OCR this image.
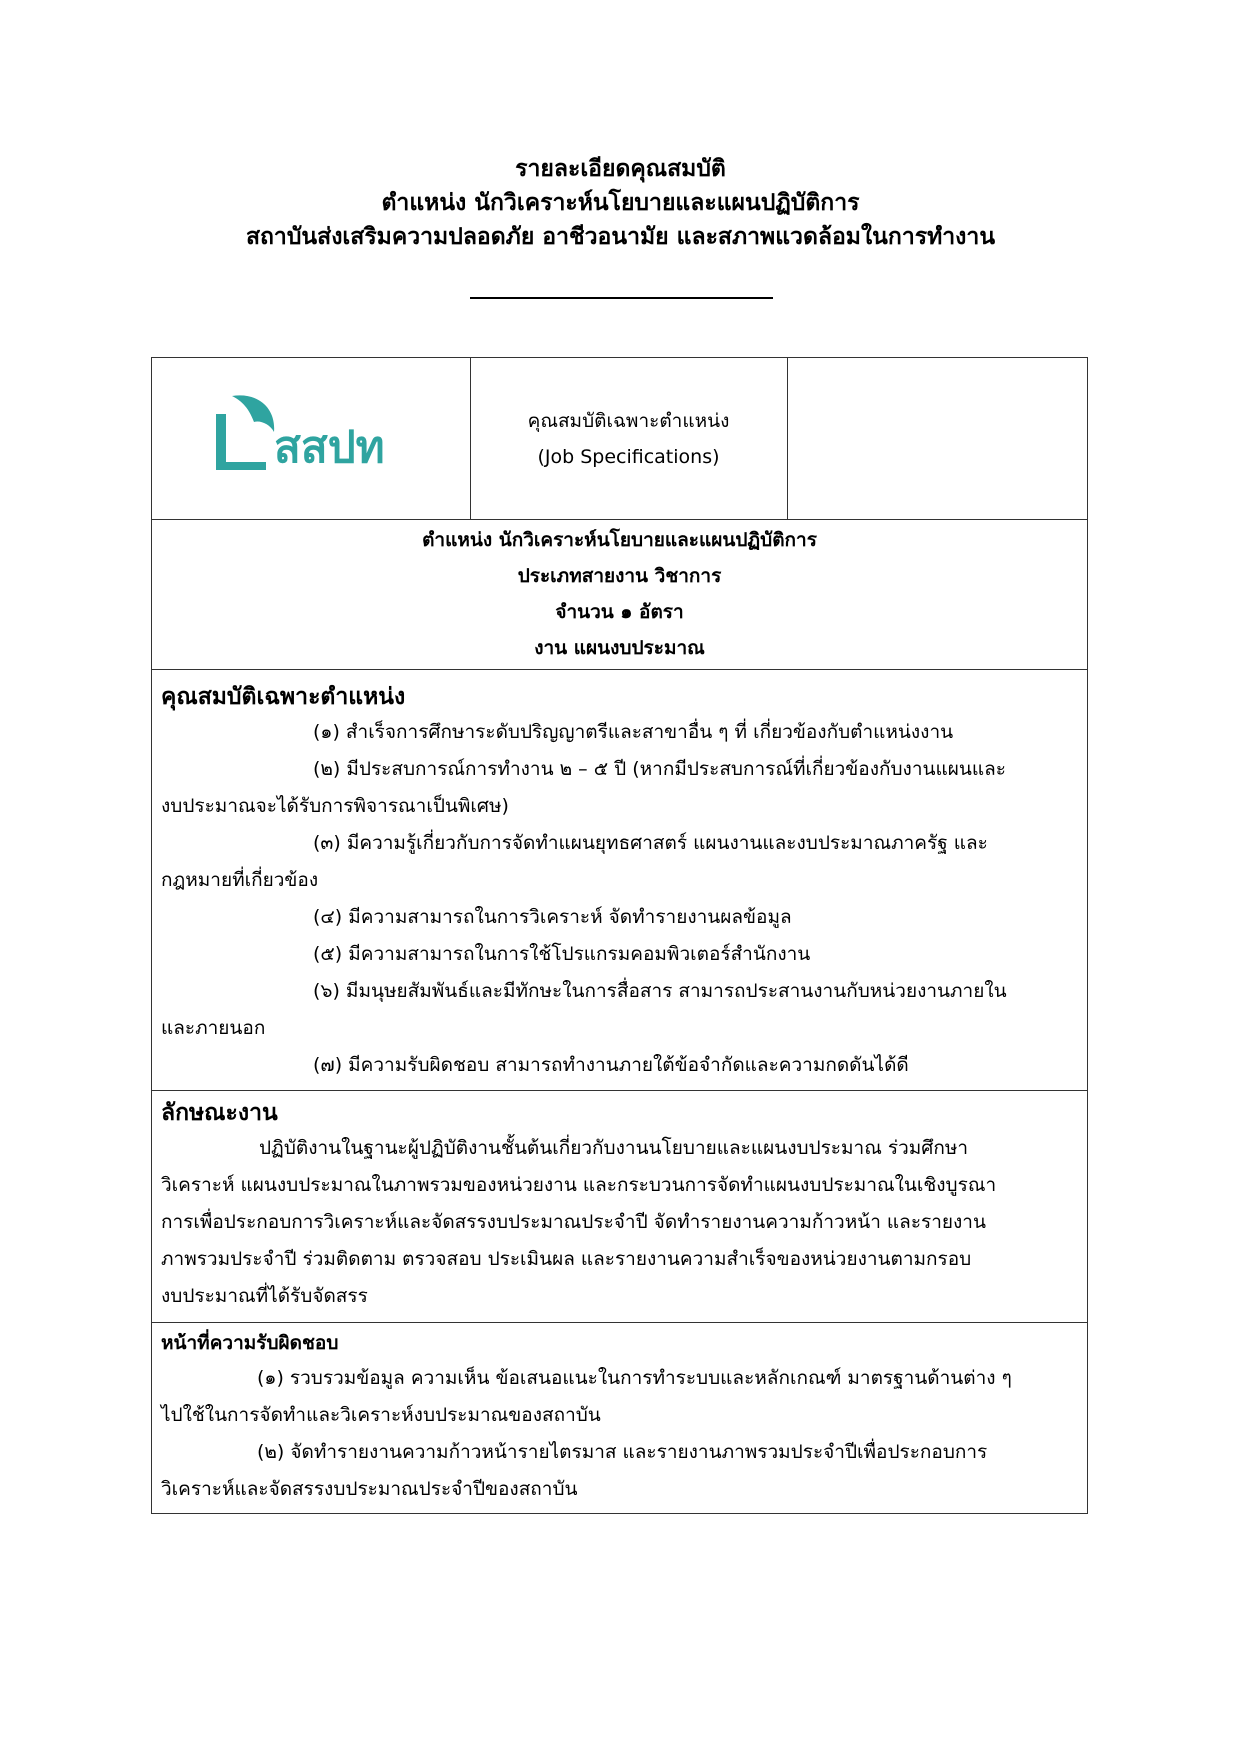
รายละเอียดคุณสมบัติ
ตำแหน่ง นักวิเคราะห์นโยบายและแผนปฏิบัติการ
สถาบันส่งเสริมความปลอดภัย อาชีวอนามัย และสภาพแวดล้อมในการทำงาน
สสปท
คุณสมบัติเฉพาะตำแหน่ง
(Job Specifications)
ตำแหน่ง นักวิเคราะห์นโยบายและแผนปฏิบัติการ
ประเภทสายงาน วิชาการ
จำนวน ๑ อัตรา
งาน แผนงบประมาณ
คุณสมบัติเฉพาะตำแหน่ง
(๑) สำเร็จการศึกษาระดับปริญญาตรีและสาขาอื่น ๆ ที่ เกี่ยวข้องกับตำแหน่งงาน
(๒) มีประสบการณ์การทำงาน ๒ – ๕ ปี (หากมีประสบการณ์ที่เกี่ยวข้องกับงานแผนและ
งบประมาณจะได้รับการพิจารณาเป็นพิเศษ)
(๓) มีความรู้เกี่ยวกับการจัดทำแผนยุทธศาสตร์ แผนงานและงบประมาณภาครัฐ และ
กฎหมายที่เกี่ยวข้อง
(๔) มีความสามารถในการวิเคราะห์ จัดทำรายงานผลข้อมูล
(๕) มีความสามารถในการใช้โปรแกรมคอมพิวเตอร์สำนักงาน
(๖) มีมนุษยสัมพันธ์และมีทักษะในการสื่อสาร สามารถประสานงานกับหน่วยงานภายใน
และภายนอก
(๗) มีความรับผิดชอบ สามารถทำงานภายใต้ข้อจำกัดและความกดดันได้ดี
ลักษณะงาน
ปฏิบัติงานในฐานะผู้ปฏิบัติงานชั้นต้นเกี่ยวกับงานนโยบายและแผนงบประมาณ ร่วมศึกษา
วิเคราะห์ แผนงบประมาณในภาพรวมของหน่วยงาน และกระบวนการจัดทำแผนงบประมาณในเชิงบูรณา
การเพื่อประกอบการวิเคราะห์และจัดสรรงบประมาณประจำปี จัดทำรายงานความก้าวหน้า และรายงาน
ภาพรวมประจำปี ร่วมติดตาม ตรวจสอบ ประเมินผล และรายงานความสำเร็จของหน่วยงานตามกรอบ
งบประมาณที่ได้รับจัดสรร
หน้าที่ความรับผิดชอบ
(๑) รวบรวมข้อมูล ความเห็น ข้อเสนอแนะในการทำระบบและหลักเกณฑ์ มาตรฐานด้านต่าง ๆ
ไปใช้ในการจัดทำและวิเคราะห์งบประมาณของสถาบัน
(๒) จัดทำรายงานความก้าวหน้ารายไตรมาส และรายงานภาพรวมประจำปีเพื่อประกอบการ
วิเคราะห์และจัดสรรงบประมาณประจำปีของสถาบัน
